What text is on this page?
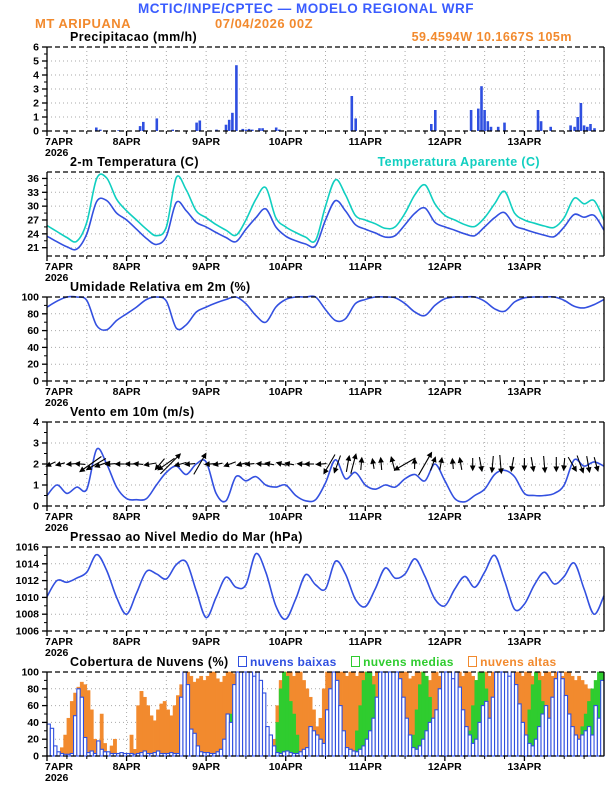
MCTIC/INPE/CPTEC — MODELO REGIONAL WRF
MT ARIPUANA	07/04/2026 00Z
59.4594W 10.1667S 105m
Precipitacao (mm/h)
2-m Temperatura (C)	Temperatura Aparente (C)
Umidade Relativa em 2m (%)
Vento em 10m (m/s)
Pressao ao Nivel Medio do Mar (hPa)
Cobertura de Nuvens (%) nuvens baixas
nuvens medias
nuvens altas
0
1
2
3
4
5
6
7APR	8APR	9APR	10APR	11APR	12APR	13APR
2026
21
24
27
30
33
36
7APR	8APR	9APR	10APR	11APR	12APR	13APR
2026
0
20
40
60
80
100
7APR	8APR	9APR	10APR	11APR	12APR	13APR
2026
0
1
2
3
4
7APR	8APR	9APR	10APR	11APR	12APR	13APR
2026
1006
1008
1010
1012
1014
1016
7APR	8APR	9APR	10APR	11APR	12APR	13APR
2026
0
20
40
60
80
100
7APR	8APR	9APR	10APR	11APR	12APR	13APR
2026
